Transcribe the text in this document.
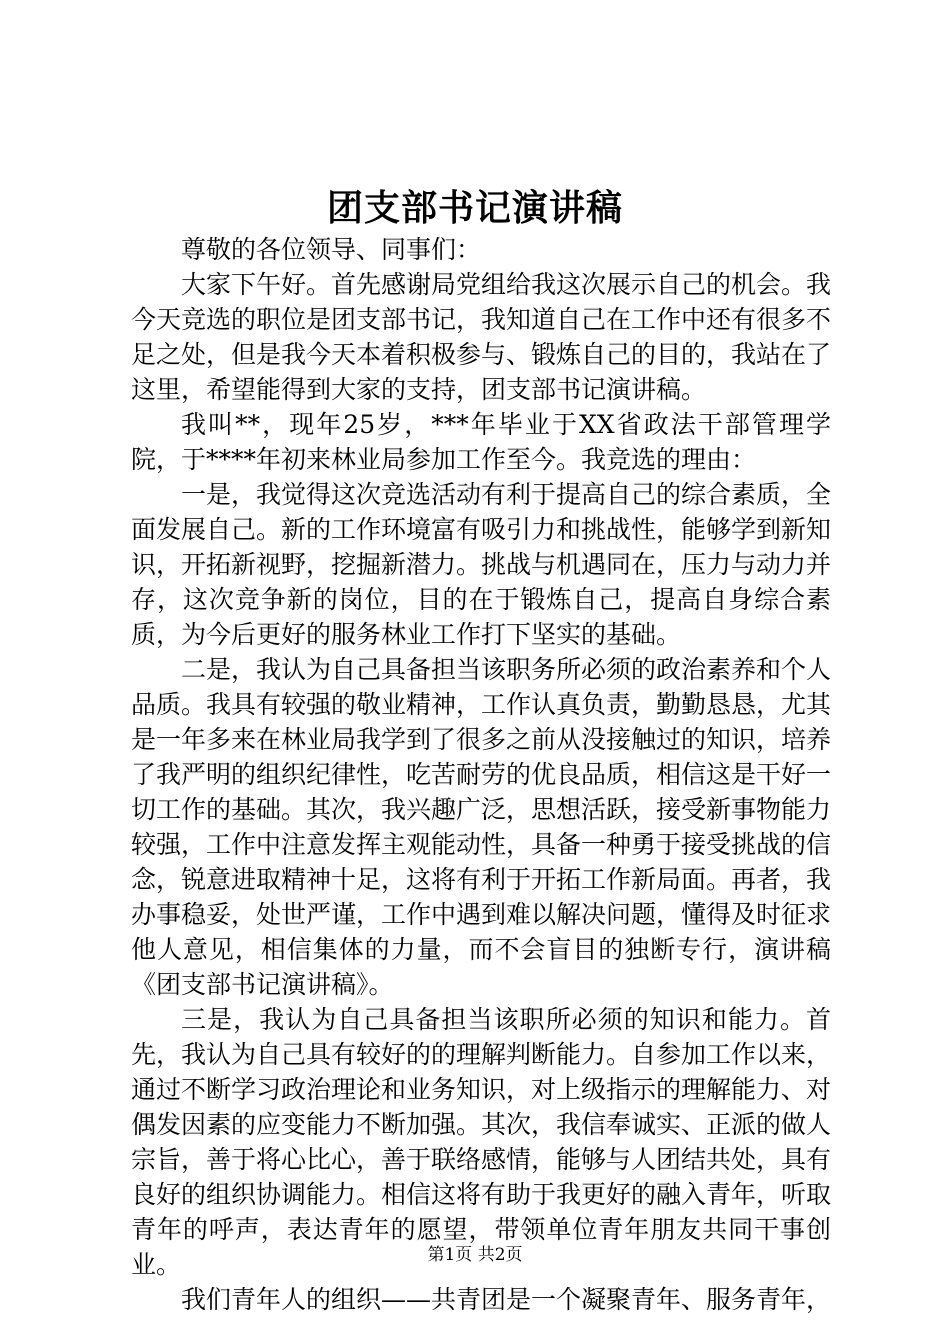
团支部书记演讲稿

尊敬的各位领导、同事们：

大家下午好。首先感谢局党组给我这次展示自己的机会。我今天竞选的职位是团支部书记，我知道自己在工作中还有很多不足之处，但是我今天本着积极参与、锻炼自己的目的，我站在了这里，希望能得到大家的支持，团支部书记演讲稿。

我叫**，现年25岁，***年毕业于XX省政法干部管理学院，于****年初来林业局参加工作至今。我竞选的理由：

一是，我觉得这次竞选活动有利于提高自己的综合素质，全面发展自己。新的工作环境富有吸引力和挑战性，能够学到新知识，开拓新视野，挖掘新潜力。挑战与机遇同在，压力与动力并存，这次竞争新的岗位，目的在于锻炼自己，提高自身综合素质，为今后更好的服务林业工作打下坚实的基础。

二是，我认为自己具备担当该职务所必须的政治素养和个人品质。我具有较强的敬业精神，工作认真负责，勤勤恳恳，尤其是一年多来在林业局我学到了很多之前从没接触过的知识，培养了我严明的组织纪律性，吃苦耐劳的优良品质，相信这是干好一切工作的基础。其次，我兴趣广泛，思想活跃，接受新事物能力较强，工作中注意发挥主观能动性，具备一种勇于接受挑战的信念，锐意进取精神十足，这将有利于开拓工作新局面。再者，我办事稳妥，处世严谨，工作中遇到难以解决问题，懂得及时征求他人意见，相信集体的力量，而不会盲目的独断专行，演讲稿《团支部书记演讲稿》。

三是，我认为自己具备担当该职所必须的知识和能力。首先，我认为自己具有较好的的理解判断能力。自参加工作以来，通过不断学习政治理论和业务知识，对上级指示的理解能力、对偶发因素的应变能力不断加强。其次，我信奉诚实、正派的做人宗旨，善于将心比心，善于联络感情，能够与人团结共处，具有良好的组织协调能力。相信这将有助于我更好的融入青年，听取青年的呼声，表达青年的愿望，带领单位青年朋友共同干事创业。

我们青年人的组织——共青团是一个凝聚青年、服务青年，

第1页 共2页
